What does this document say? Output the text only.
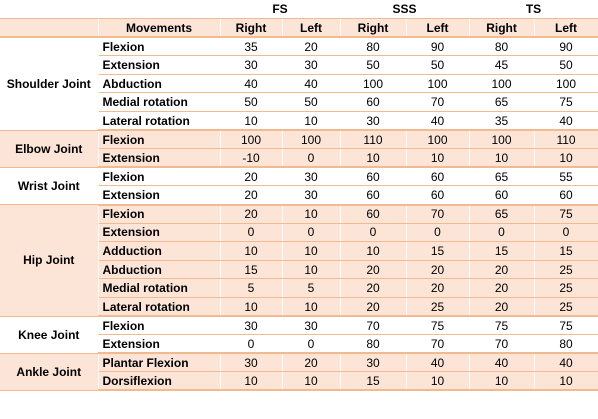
		FS		SSS		TS	
	Movements	Right	Left	Right	Left	Right	Left
Shoulder Joint	Flexion	35	20	80	90	80	90
	Extension	30	30	50	50	45	50
	Abduction	40	40	100	100	100	100
	Medial rotation	50	50	60	70	65	75
	Lateral rotation	10	10	30	40	35	40
Elbow Joint	Flexion	100	100	110	100	100	110
	Extension	-10	0	10	10	10	10
Wrist Joint	Flexion	20	30	60	60	65	55
	Extension	20	30	60	60	60	60
Hip Joint	Flexion	20	10	60	70	65	75
	Extension	0	0	0	0	0	0
	Adduction	10	10	10	15	15	15
	Abduction	15	10	20	20	20	25
	Medial rotation	5	5	20	20	20	25
	Lateral rotation	10	10	20	25	20	25
Knee Joint	Flexion	30	30	70	75	75	75
	Extension	0	0	80	70	70	80
Ankle Joint	Plantar Flexion	30	20	30	40	40	40
	Dorsiflexion	10	10	15	10	10	10
